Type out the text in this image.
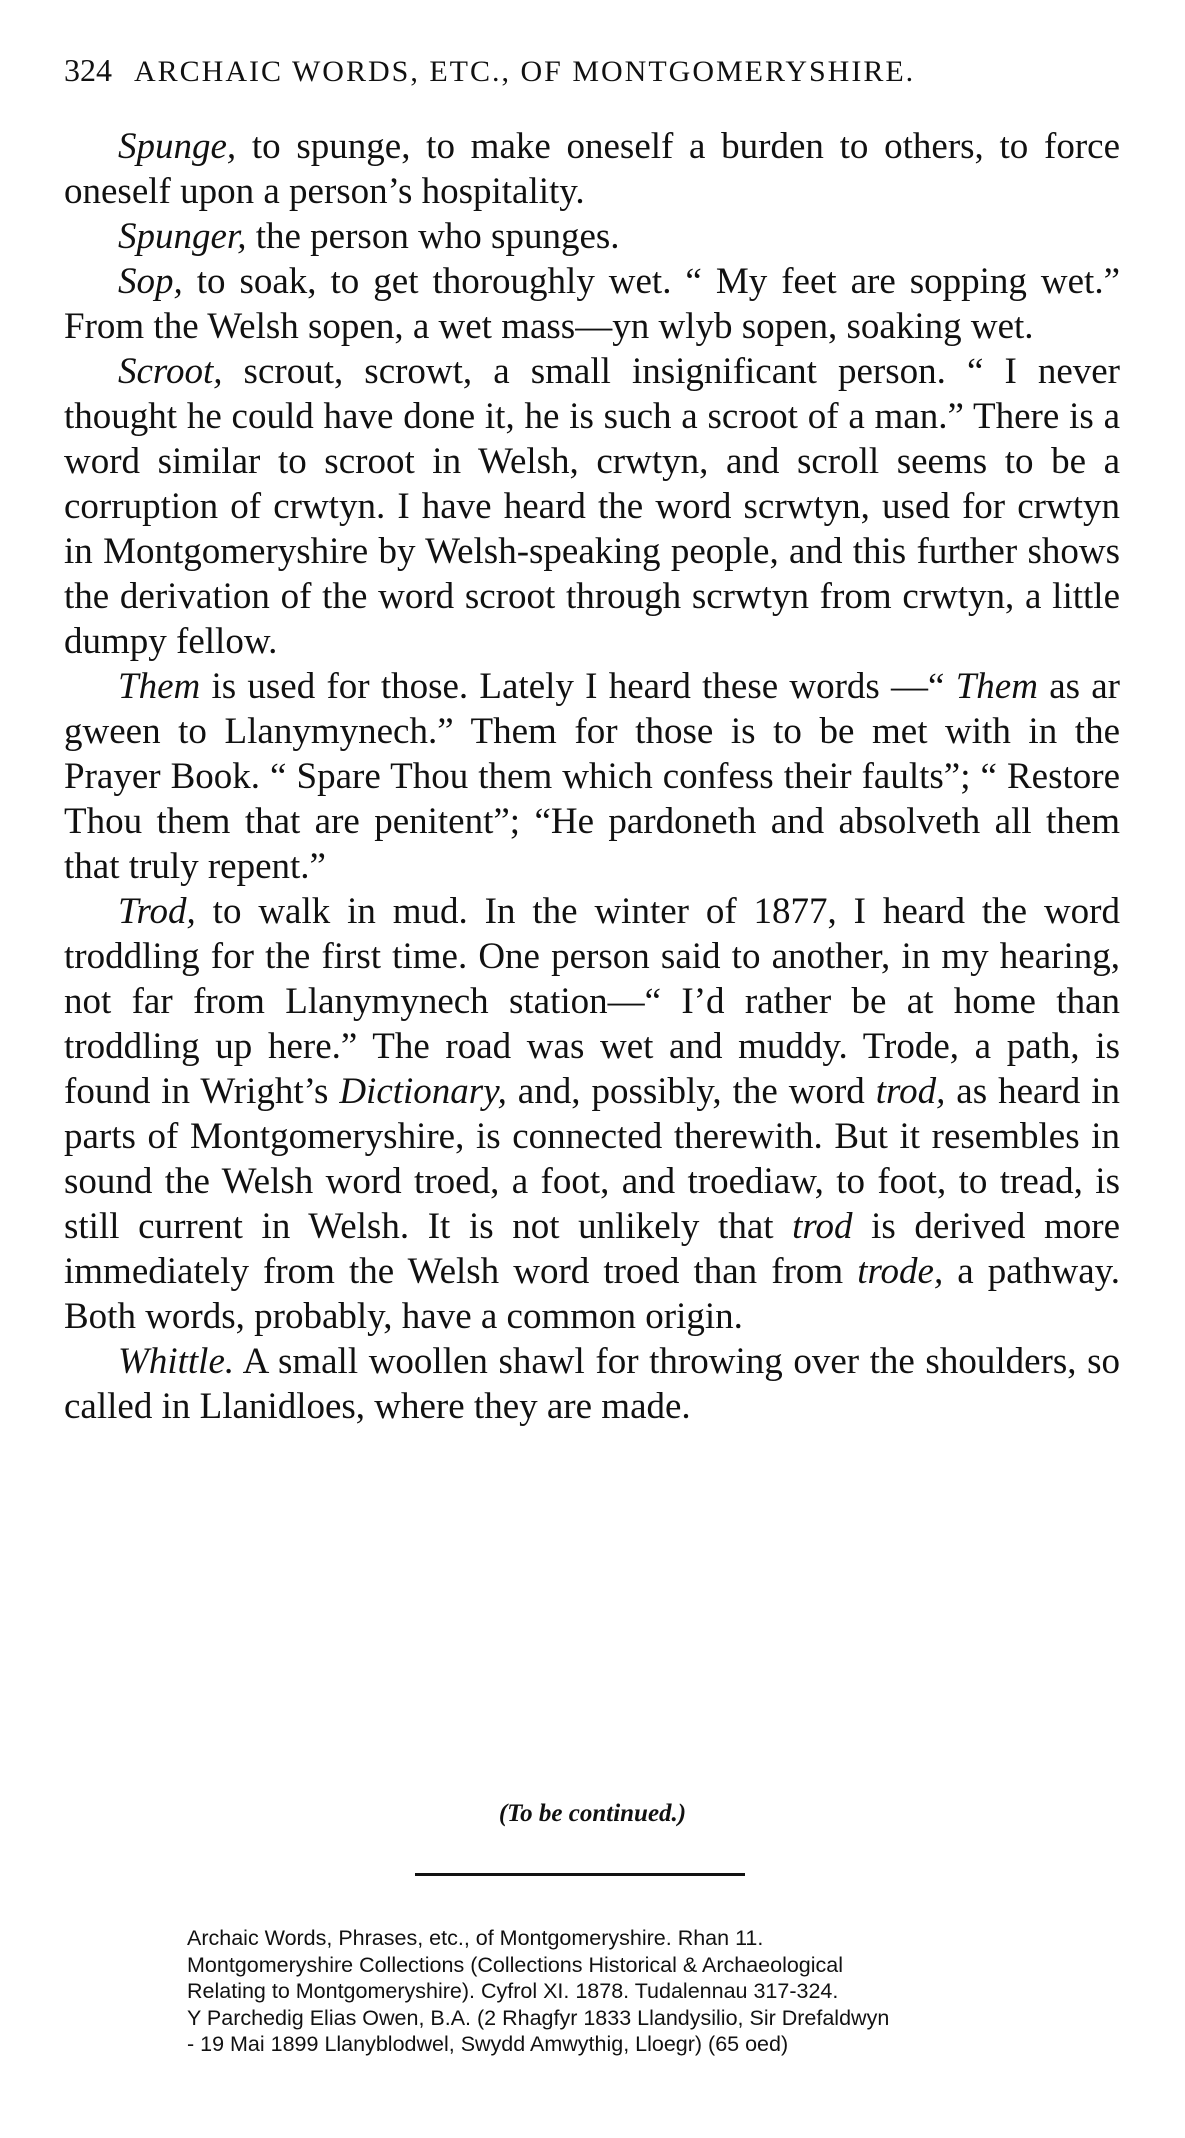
324 ARCHAIC WORDS, ETC., OF MONTGOMERYSHIRE.

Spunge, to spunge, to make oneself a burden to others, to force oneself upon a person’s hospitality.

Spunger, the person who spunges.

Sop, to soak, to get thoroughly wet. “ My feet are sopping wet.” From the Welsh sopen, a wet mass—yn wlyb sopen, soaking wet.

Scroot, scrout, scrowt, a small insignificant person. “ I never thought he could have done it, he is such a scroot of a man.” There is a word similar to scroot in Welsh, crwtyn, and scroll seems to be a corruption of crwtyn. I have heard the word scrwtyn, used for crwtyn in Montgomeryshire by Welsh-speaking people, and this further shows the derivation of the word scroot through scrwtyn from crwtyn, a little dumpy fellow.

Them is used for those. Lately I heard these words —“ Them as ar gween to Llanymynech.” Them for those is to be met with in the Prayer Book. “ Spare Thou them which confess their faults”; “ Restore Thou them that are penitent”; “He pardoneth and absolveth all them that truly repent.”

Trod, to walk in mud. In the winter of 1877, I heard the word troddling for the first time. One person said to another, in my hearing, not far from Llanymynech station—“ I’d rather be at home than troddling up here.” The road was wet and muddy. Trode, a path, is found in Wright’s Dictionary, and, possibly, the word trod, as heard in parts of Montgomeryshire, is connected therewith. But it resembles in sound the Welsh word troed, a foot, and troediaw, to foot, to tread, is still current in Welsh. It is not unlikely that trod is derived more immediately from the Welsh word troed than from trode, a pathway. Both words, probably, have a common origin.

Whittle. A small woollen shawl for throwing over the shoulders, so called in Llanidloes, where they are made.

(To be continued.)
Archaic Words, Phrases, etc., of Montgomeryshire. Rhan 11.
Montgomeryshire Collections (Collections Historical & Archaeological
Relating to Montgomeryshire). Cyfrol XI. 1878. Tudalennau 317-324.
Y Parchedig Elias Owen, B.A. (2 Rhagfyr 1833 Llandysilio, Sir Drefaldwyn
- 19 Mai 1899 Llanyblodwel, Swydd Amwythig, Lloegr) (65 oed)
